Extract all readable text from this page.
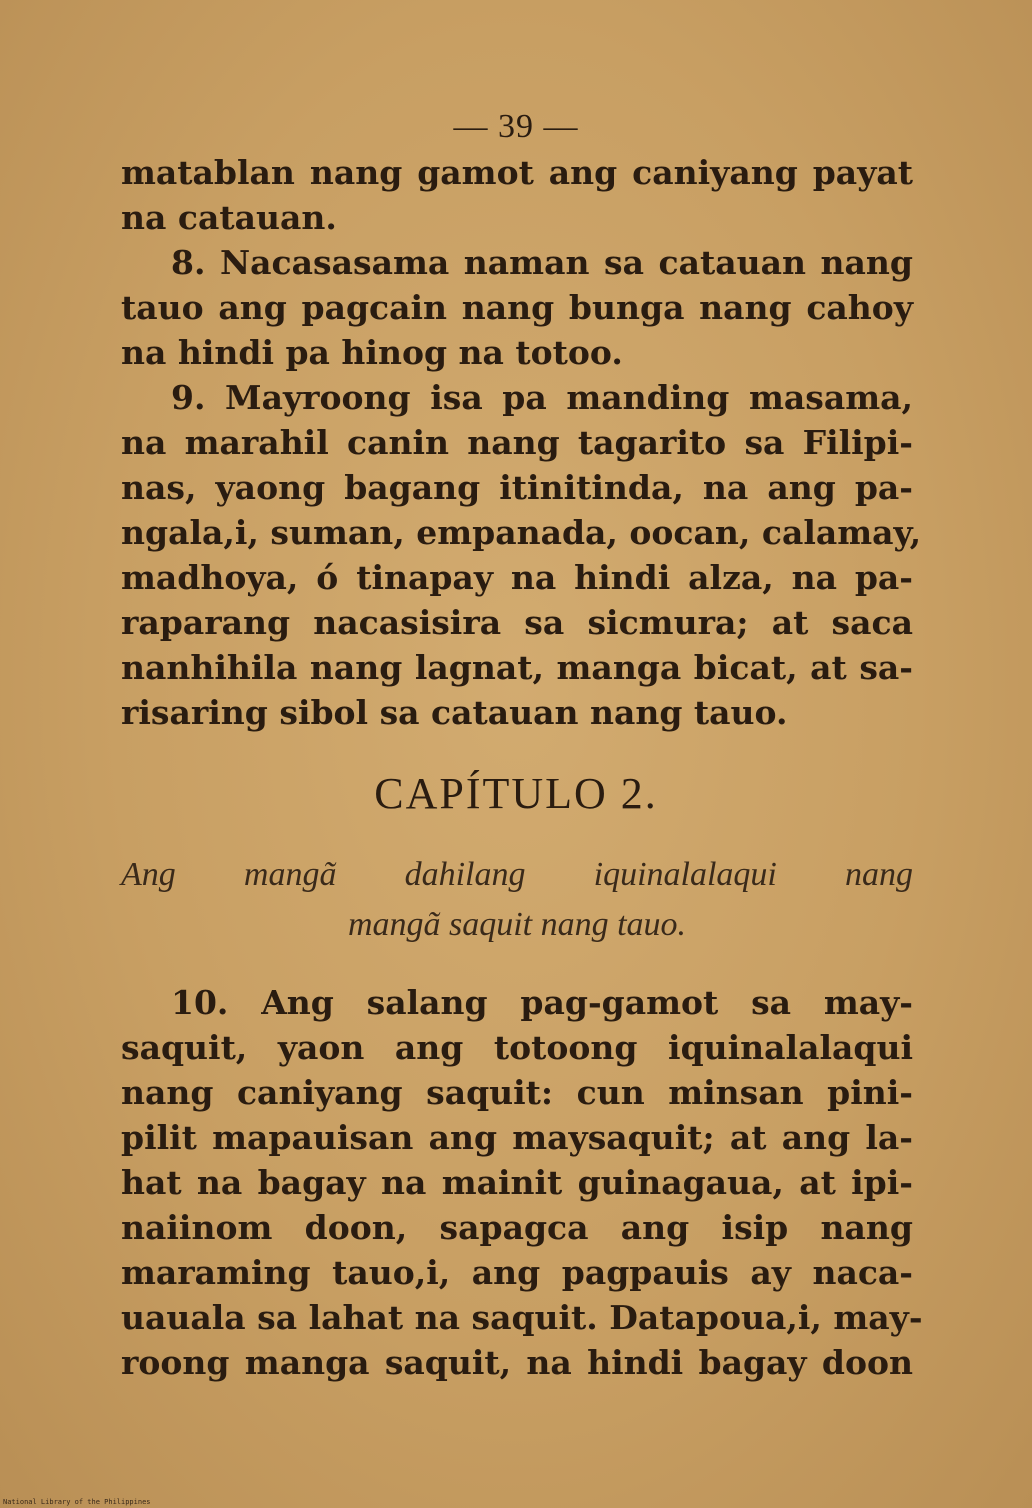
— 39 —
matablan nang gamot ang caniyang payat
na catauan.
8. Nacasasama naman sa catauan nang
tauo ang pagcain nang bunga nang cahoy
na hindi pa hinog na totoo.
9. Mayroong isa pa manding masama,
na marahil canin nang tagarito sa Filipi-
nas, yaong bagang itinitinda, na ang pa-
ngala,i, suman, empanada, oocan, calamay,
madhoya, ó tinapay na hindi alza, na pa-
raparang nacasisira sa sicmura; at saca
nanhihila nang lagnat, manga bicat, at sa-
risaring sibol sa catauan nang tauo.
CAPÍTULO 2.
Ang mangã dahilang iquinalalaqui nang
mangã saquit nang tauo.
10. Ang salang pag-gamot sa may-
saquit, yaon ang totoong iquinalalaqui
nang caniyang saquit: cun minsan pini-
pilit mapauisan ang maysaquit; at ang la-
hat na bagay na mainit guinagaua, at ipi-
naiinom doon, sapagca ang isip nang
maraming tauo,i, ang pagpauis ay naca-
uauala sa lahat na saquit. Datapoua,i, may-
roong manga saquit, na hindi bagay doon
National Library of the Philippines
